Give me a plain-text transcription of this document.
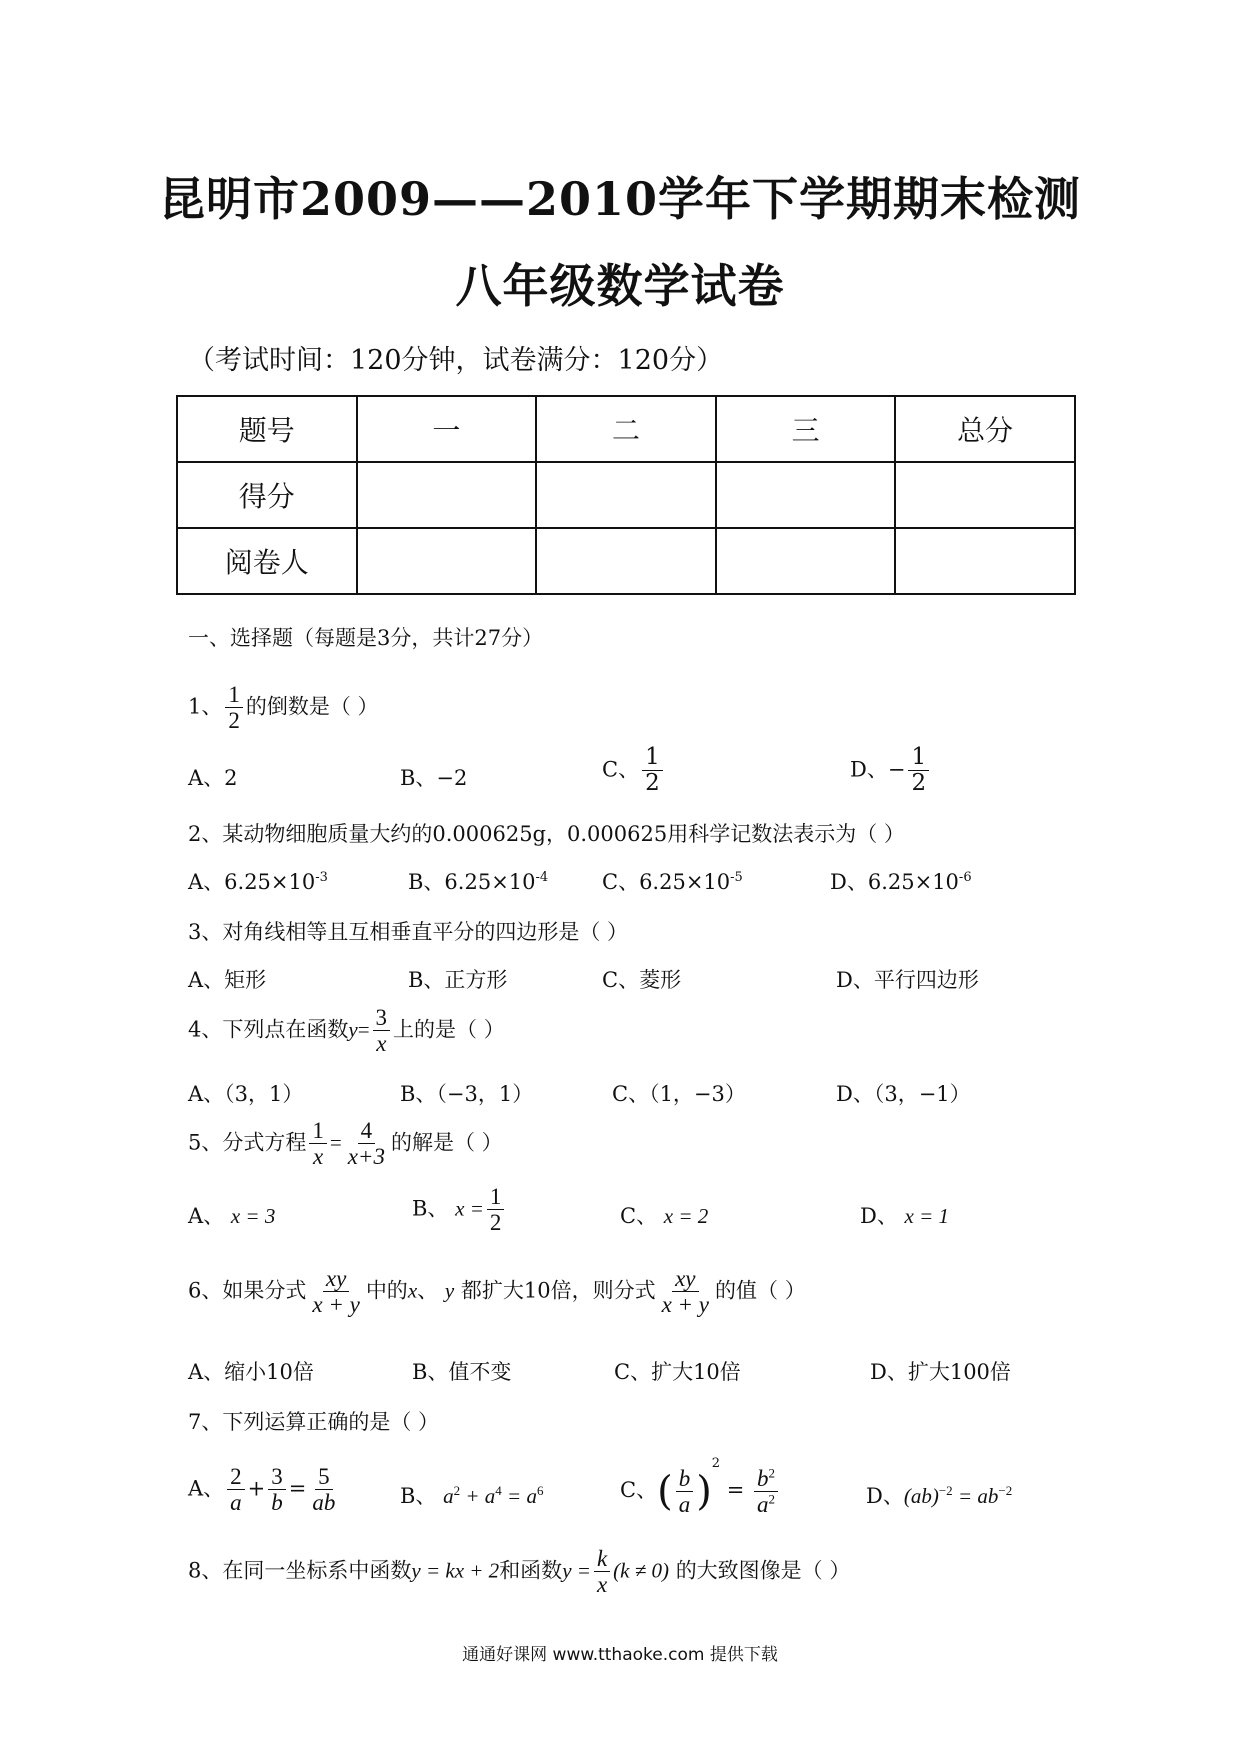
昆明市2009——2010学年下学期期末检测
八年级数学试卷
（考试时间：120分钟，试卷满分：120分）
题号	一	二	三	总分
得分				
阅卷人				
一、选择题（每题是3分，共计27分）
1、 $\frac{1}{2}$ 的倒数是（ ）
A、2	B、−2	C、 $\frac{1}{2}$	D、− $\frac{1}{2}$
2、某动物细胞质量大约的0.000625g，0.000625用科学记数法表示为（ ）
A、$6.25\times 10^{-3}$	B、$6.25\times 10^{-4}$	C、$6.25\times 10^{-5}$	D、$6.25\times 10^{-6}$
3、对角线相等且互相垂直平分的四边形是（ ）
A、矩形	B、正方形	C、菱形	D、平行四边形
4、下列点在函数$y= \frac{3}{x}$ 上的是（ ）
A、（3，1）	B、（−3，1）	C、（1，−3）	D、（3，−1）
5、分式方程 $\frac{1}{x} = \frac{4}{x+3}$ 的解是（ ）
A、 x = 3	B、 $x = \frac{1}{2}$	C、 x = 2	D、 x = 1
6、如果分式 $\frac{xy}{x + y}$ 中的x、 y 都扩大10倍，则分式 $\frac{xy}{x + y}$ 的值（ ）
A、缩小10倍	B、值不变	C、扩大10倍	D、扩大100倍
7、下列运算正确的是（ ）
A、 $\frac{2}{a} + \frac{3}{b} = \frac{5}{ab}$	B、 $a^2 + a^4 = a^6$	C、( $\frac{b}{a} )^2 = \frac{b^2}{a^2}$	D、$(ab)^{-2} = ab^{-2}$
8、在同一坐标系中函数y = kx + 2和函数$y = \frac{k}{x} (k \ne 0)$ 的大致图像是（ ）
通通好课网 www.tthaoke.com 提供下载
